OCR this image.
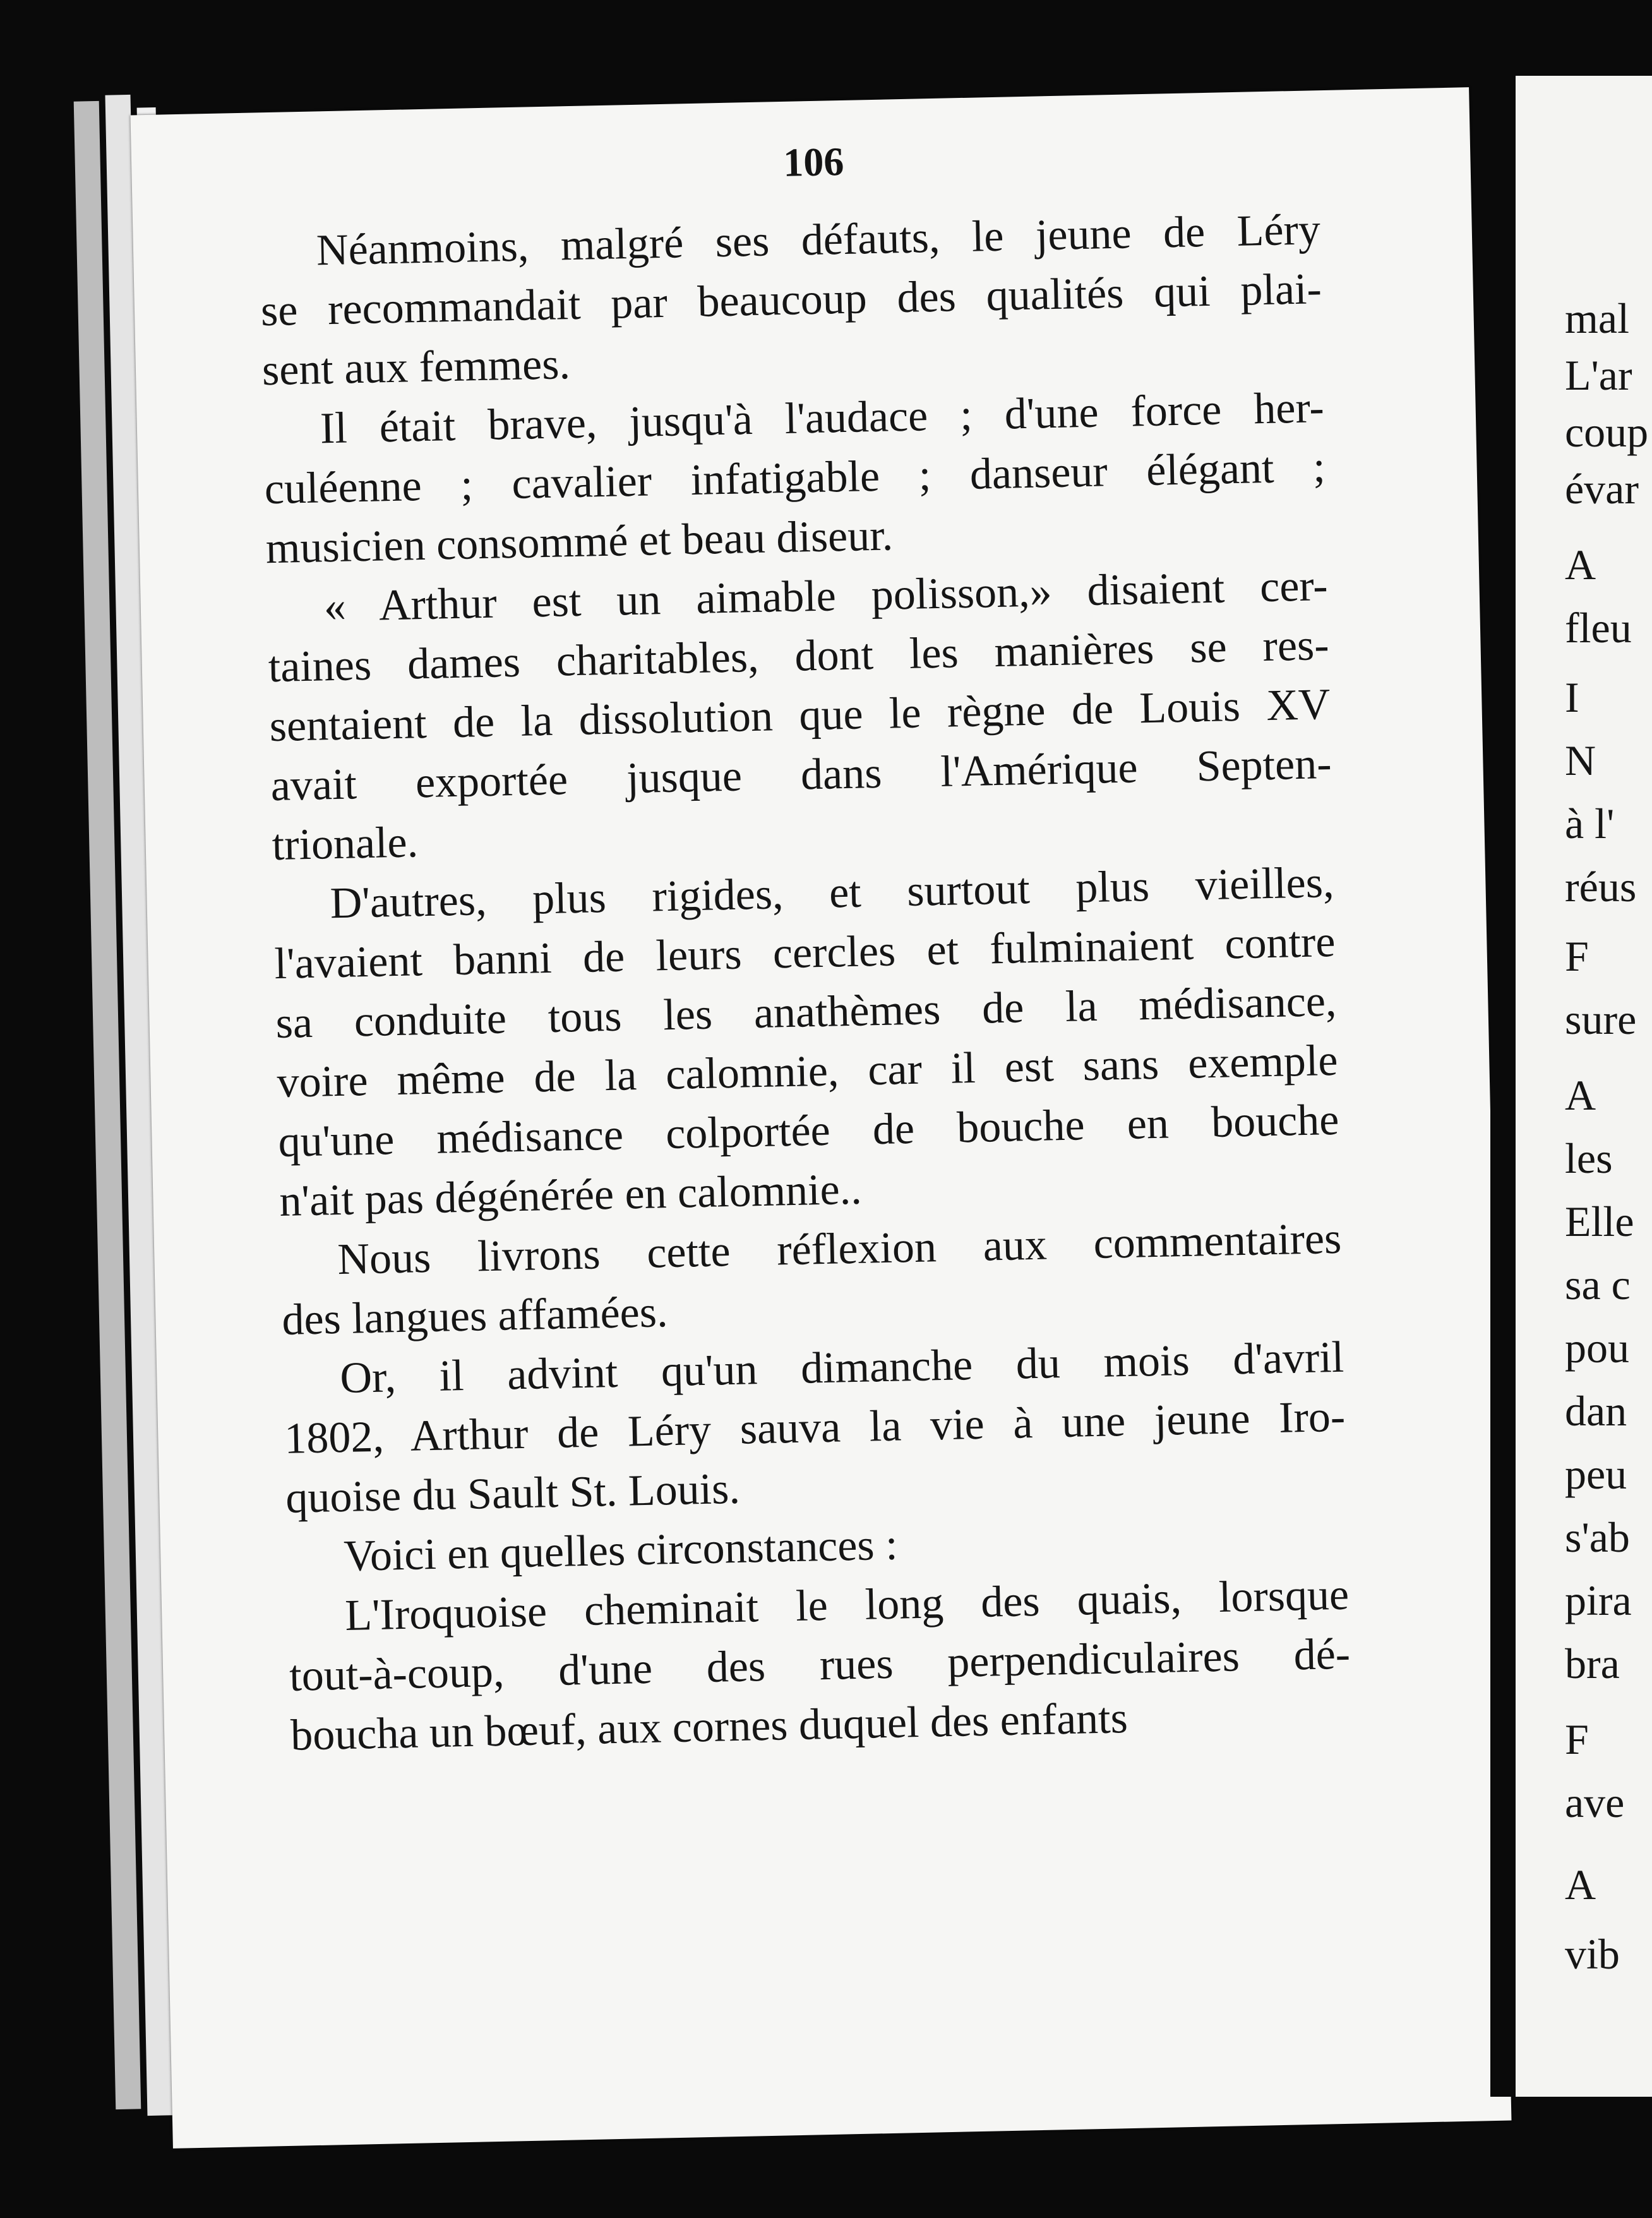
106

Néanmoins, malgré ses défauts, le jeune de Léry
se recommandait par beaucoup des qualités qui plai-
sent aux femmes.

Il était brave, jusqu'à l'audace ; d'une force her-
culéenne ; cavalier infatigable ; danseur élégant ;
musicien consommé et beau diseur.

« Arthur est un aimable polisson,» disaient cer-
taines dames charitables, dont les manières se res-
sentaient de la dissolution que le règne de Louis XV
avait exportée jusque dans l'Amérique Septen-
trionale.

D'autres, plus rigides, et surtout plus vieilles,
l'avaient banni de leurs cercles et fulminaient contre
sa conduite tous les anathèmes de la médisance,
voire même de la calomnie, car il est sans exemple
qu'une médisance colportée de bouche en bouche
n'ait pas dégénérée en calomnie..

Nous livrons cette réflexion aux commentaires
des langues affamées.

Or, il advint qu'un dimanche du mois d'avril
1802, Arthur de Léry sauva la vie à une jeune Iro-
quoise du Sault St. Louis.

Voici en quelles circonstances :

L'Iroquoise cheminait le long des quais, lorsque
tout-à-coup, d'une des rues perpendiculaires dé-
boucha un bœuf, aux cornes duquel des enfants

mal
L'ar
coup
évar
A
fleu
I
N
à l'
réus
F
sure
A
les
Elle
sa c
pou
dan
peu
s'ab
pira
bra
F
ave
A
vib
